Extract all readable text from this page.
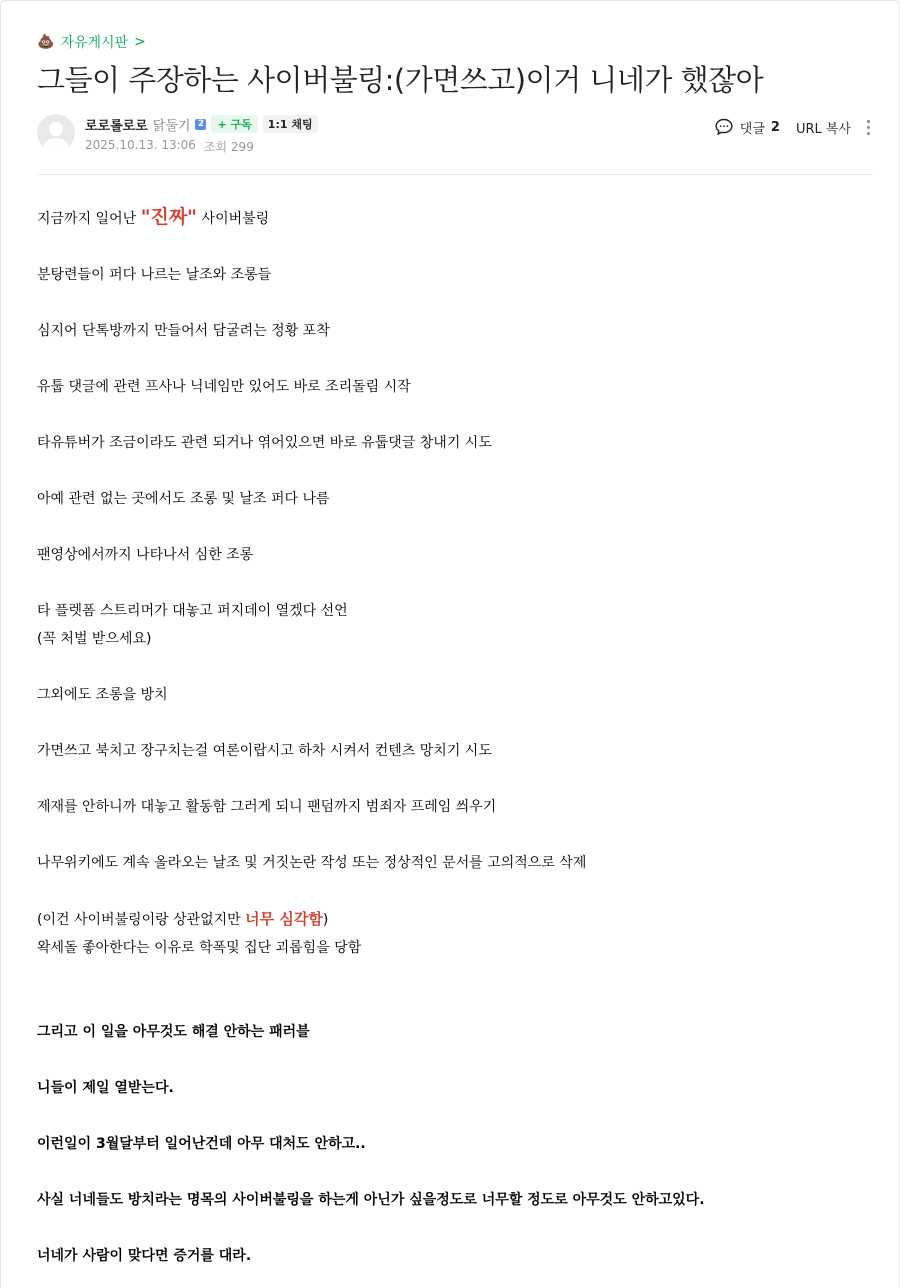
💩 자유게시판 >
그들이 주장하는 사이버불링:(가면쓰고)이거 니네가 했잖아
로로롤로로 닭둘기 2	+ 구독	1:1 채팅
2025.10.13. 13:06 조회 299
댓글 2 URL 복사

지금까지 일어난 "진짜" 사이버불링

분탕련들이 퍼다 나르는 날조와 조롱들

심지어 단톡방까지 만들어서 담굴려는 정황 포착

유툽 댓글에 관련 프사나 닉네임만 있어도 바로 조리돌림 시작

타유튜버가 조금이라도 관련 되거나 엮어있으면 바로 유툽댓글 창내기 시도

아예 관련 없는 곳에서도 조롱 및 날조 퍼다 나름

팬영상에서까지 나타나서 심한 조롱

타 플렛폼 스트리머가 대놓고 퍼지데이 열겠다 선언

(꼭 처벌 받으세요)

그외에도 조롱을 방치

가면쓰고 북치고 장구치는걸 여론이랍시고 하차 시켜서 컨텐츠 망치기 시도

제재를 안하니까 대놓고 활동함 그러게 되니 팬덤까지 범죄자 프레임 씌우기

나무위키에도 계속 올라오는 날조 및 거짓논란 작성 또는 정상적인 문서를 고의적으로 삭제

(이건 사이버불링이랑 상관없지만 너무 심각함)

왁세돌 좋아한다는 이유로 학폭및 집단 괴롭힘을 당함

그리고 이 일을 아무것도 해결 안하는 패러블

니들이 제일 열받는다.

이런일이 3월달부터 일어난건데 아무 대처도 안하고..

사실 너네들도 방치라는 명목의 사이버불링을 하는게 아닌가 싶을정도로 너무할 정도로 아무것도 안하고있다.

너네가 사람이 맞다면 증거를 대라.
